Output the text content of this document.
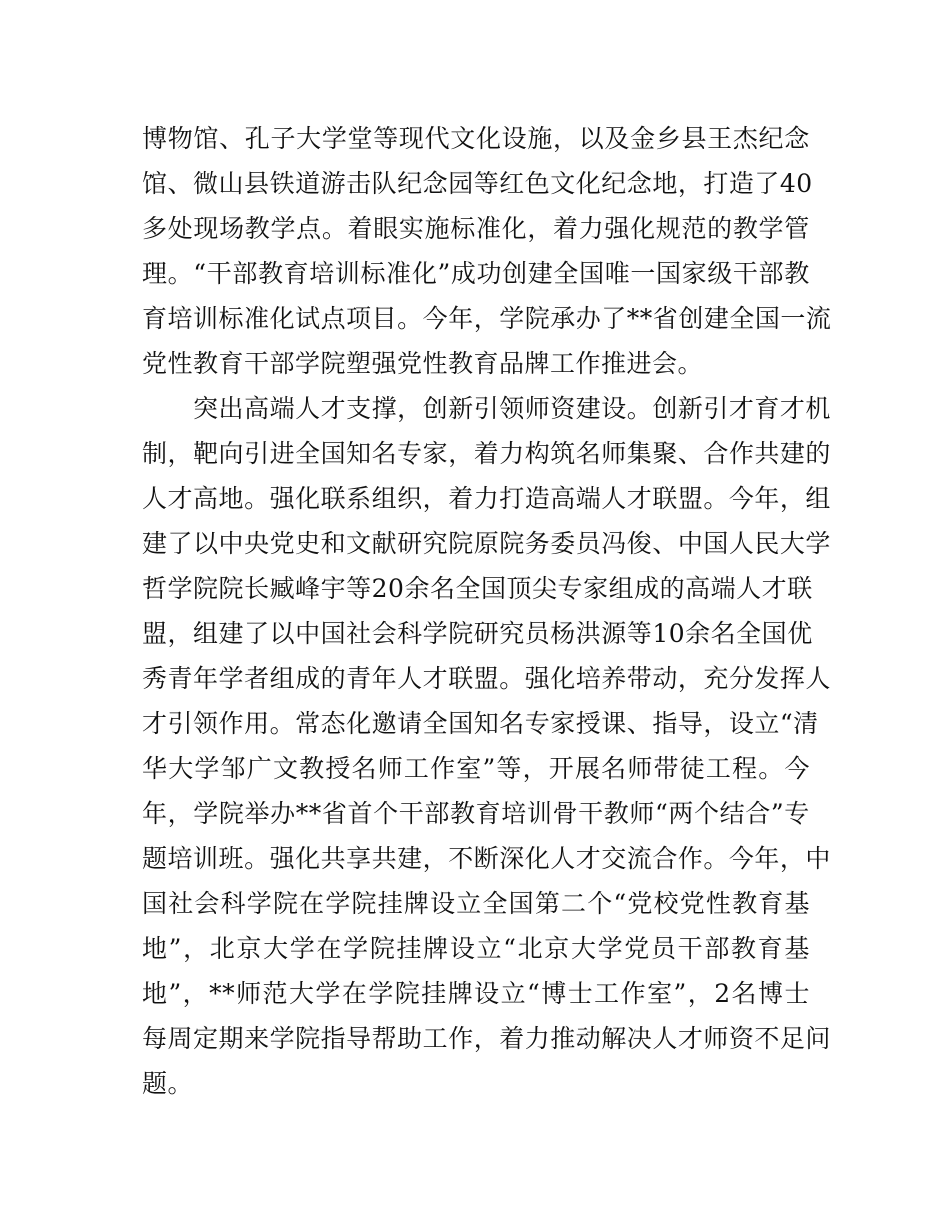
博 物 馆 、 孔 子 大 学 堂 等 现 代 文 化 设 施 ， 以 及 金 乡 县 王 杰 纪 念
馆 、 微 山 县 铁 道 游 击 队 纪 念 园 等 红 色 文 化 纪 念 地 ， 打 造 了 40
多 处 现 场 教 学 点 。 着 眼 实 施 标 准 化 ， 着 力 强 化 规 范 的 教 学 管
理 。 “ 干 部 教 育 培 训 标 准 化 ” 成 功 创 建 全 国 唯 一 国 家 级 干 部 教
育 培 训 标 准 化 试 点 项 目 。 今 年 ， 学 院 承 办 了 ** 省 创 建 全 国 一 流
党性教育干部学院塑强党性教育品牌工作推进会。

突 出 高 端 人 才 支 撑 ， 创 新 引 领 师 资 建 设 。 创 新 引 才 育 才 机
制 ， 靶 向 引 进 全 国 知 名 专 家 ， 着 力 构 筑 名 师 集 聚 、 合 作 共 建 的
人 才 高 地 。 强 化 联 系 组 织 ， 着 力 打 造 高 端 人 才 联 盟 。 今 年 ， 组
建 了 以 中 央 党 史 和 文 献 研 究 院 原 院 务 委 员 冯 俊 、 中 国 人 民 大 学
哲 学 院 院 长 臧 峰 宇 等 20 余 名 全 国 顶 尖 专 家 组 成 的 高 端 人 才 联
盟 ， 组 建 了 以 中 国 社 会 科 学 院 研 究 员 杨 洪 源 等 10 余 名 全 国 优
秀 青 年 学 者 组 成 的 青 年 人 才 联 盟 。 强 化 培 养 带 动 ， 充 分 发 挥 人
才 引 领 作 用 。 常 态 化 邀 请 全 国 知 名 专 家 授 课 、 指 导 ， 设 立 “ 清
华 大 学 邹 广 文 教 授 名 师 工 作 室 ” 等 ， 开 展 名 师 带 徒 工 程 。 今
年 ， 学 院 举 办 ** 省 首 个 干 部 教 育 培 训 骨 干 教 师 “ 两 个 结 合 ” 专
题 培 训 班 。 强 化 共 享 共 建 ， 不 断 深 化 人 才 交 流 合 作 。 今 年 ， 中
国 社 会 科 学 院 在 学 院 挂 牌 设 立 全 国 第 二 个 “ 党 校 党 性 教 育 基
地 ” ， 北 京 大 学 在 学 院 挂 牌 设 立 “ 北 京 大 学 党 员 干 部 教 育 基
地 ” ， ** 师 范 大 学 在 学 院 挂 牌 设 立 “ 博 士 工 作 室 ” ， 2 名 博 士
每 周 定 期 来 学 院 指 导 帮 助 工 作 ， 着 力 推 动 解 决 人 才 师 资 不 足 问
题。
